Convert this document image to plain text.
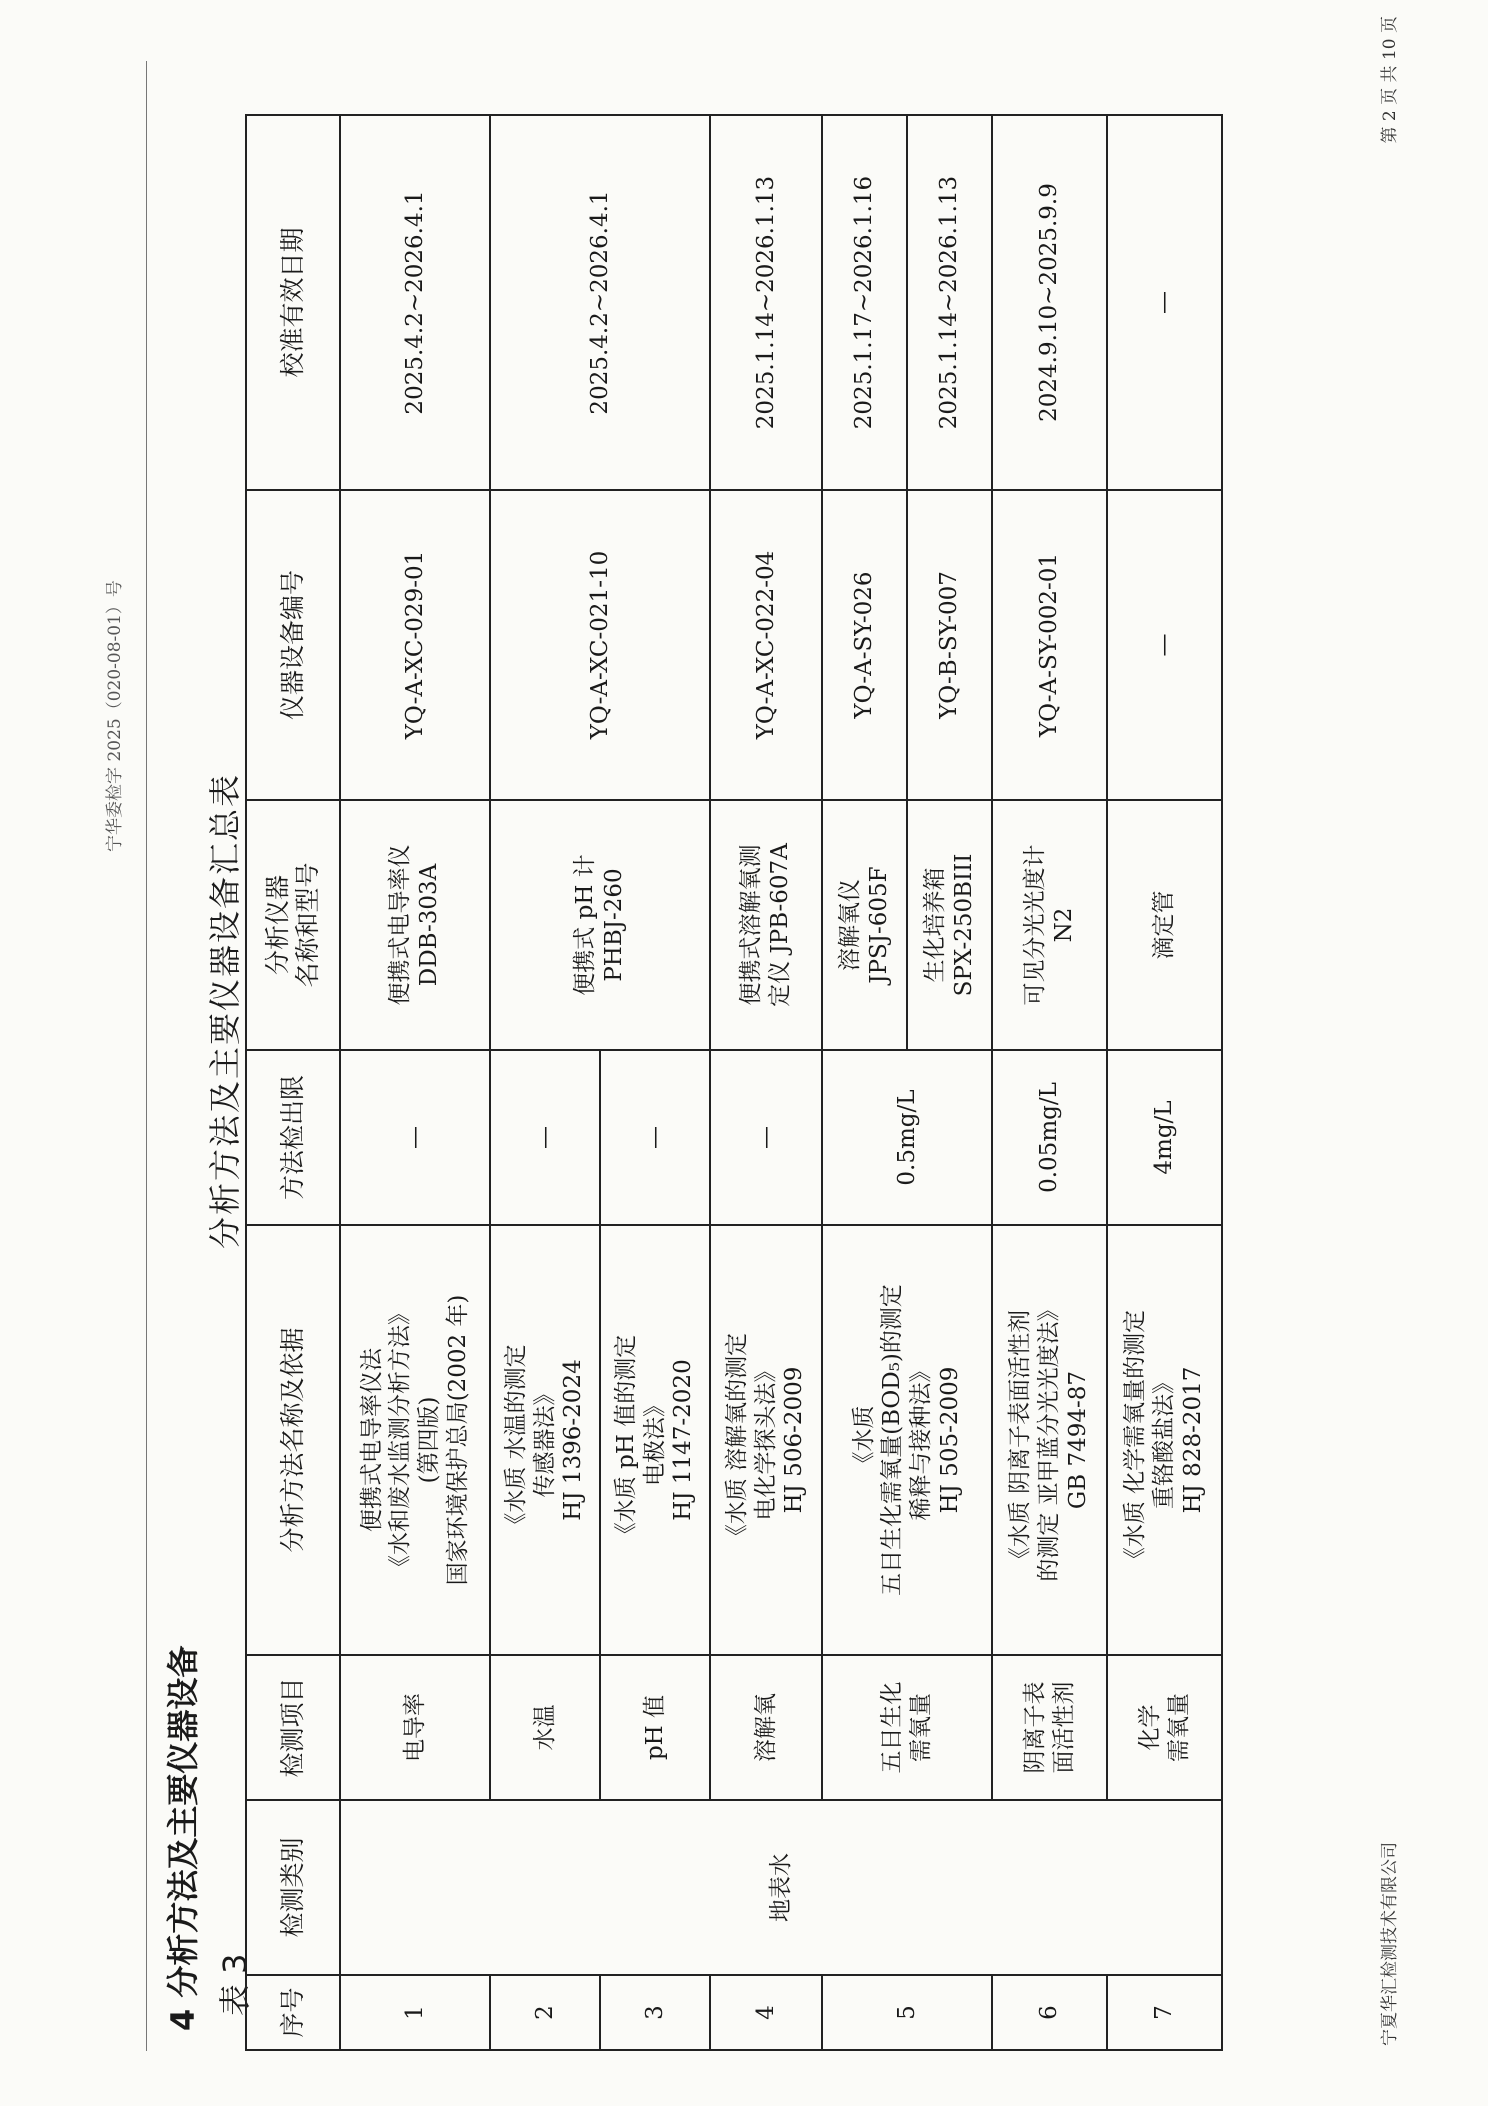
宁华委检字 2025（020-08-01）号
4 分析方法及主要仪器设备 表 3
分析方法及主要仪器设备汇总表
序号	检测类别	检测项目	分析方法名称及依据	方法检出限	分析仪器
名称和型号	仪器设备编号	校准有效日期
1	地表水	电导率	便携式电导率仪法
《水和废水监测分析方法》
(第四版)
国家环境保护总局(2002 年)	—	便携式电导率仪
DDB-303A	YQ-A-XC-029-01	2025.4.2~2026.4.1
2		水温	《水质 水温的测定
传感器法》
HJ 1396-2024	—	便携式 pH 计
PHBJ-260	YQ-A-XC-021-10	2025.4.2~2026.4.1
3		pH 值	《水质 pH 值的测定
电极法》
HJ 1147-2020	—			
4		溶解氧	《水质 溶解氧的测定
电化学探头法》
HJ 506-2009	—	便携式溶解氧测
定仪 JPB-607A	YQ-A-XC-022-04	2025.1.14~2026.1.13
5		五日生化
需氧量	《水质
五日生化需氧量(BOD₅)的测定
稀释与接种法》
HJ 505-2009	0.5mg/L	溶解氧仪
JPSJ-605F	YQ-A-SY-026	2025.1.17~2026.1.16
					生化培养箱
SPX-250BIII	YQ-B-SY-007	2025.1.14~2026.1.13
6		阴离子表
面活性剂	《水质 阴离子表面活性剂
的测定 亚甲蓝分光光度法》
GB 7494-87	0.05mg/L	可见分光光度计
N2	YQ-A-SY-002-01	2024.9.10~2025.9.9
7		化学
需氧量	《水质 化学需氧量的测定
重铬酸盐法》
HJ 828-2017	4mg/L	滴定管	—	—
宁夏华汇检测技术有限公司
第 2 页 共 10 页
